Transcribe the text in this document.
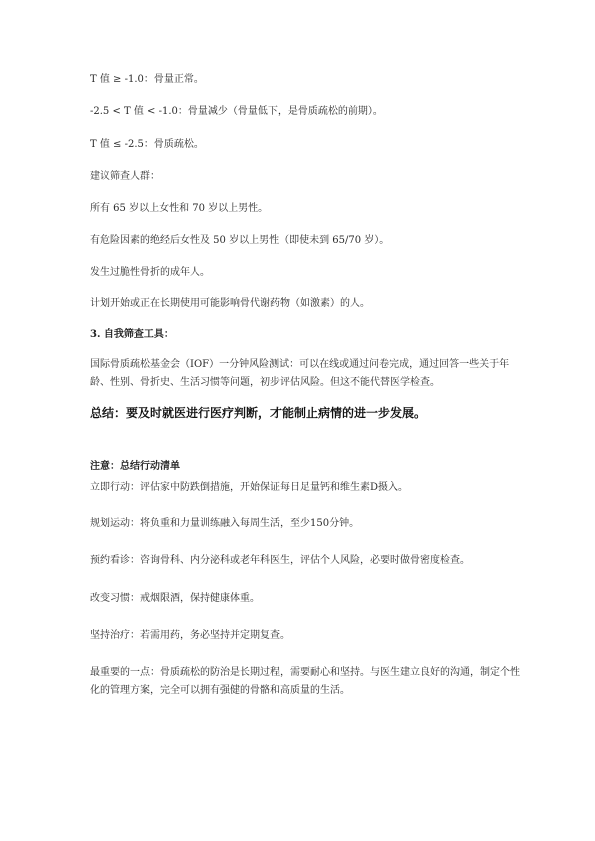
T 值 ≥ -1.0：骨量正常。
-2.5 < T 值 < -1.0：骨量减少（骨量低下，是骨质疏松的前期）。
T 值 ≤ -2.5：骨质疏松。
建议筛查人群：
所有 65 岁以上女性和 70 岁以上男性。
有危险因素的绝经后女性及 50 岁以上男性（即使未到 65/70 岁）。
发生过脆性骨折的成年人。
计划开始或正在长期使用可能影响骨代谢药物（如激素）的人。
3. 自我筛查工具：
国际骨质疏松基金会（IOF）一分钟风险测试：可以在线或通过问卷完成，通过回答一些关于年龄、性别、骨折史、生活习惯等问题，初步评估风险。但这不能代替医学检查。
总结：要及时就医进行医疗判断，才能制止病情的进一步发展。
注意：总结行动清单
立即行动：评估家中防跌倒措施，开始保证每日足量钙和维生素D摄入。
规划运动：将负重和力量训练融入每周生活，至少150分钟。
预约看诊：咨询骨科、内分泌科或老年科医生，评估个人风险，必要时做骨密度检查。
改变习惯：戒烟限酒，保持健康体重。
坚持治疗：若需用药，务必坚持并定期复查。
最重要的一点：骨质疏松的防治是长期过程，需要耐心和坚持。与医生建立良好的沟通，制定个性化的管理方案，完全可以拥有强健的骨骼和高质量的生活。
